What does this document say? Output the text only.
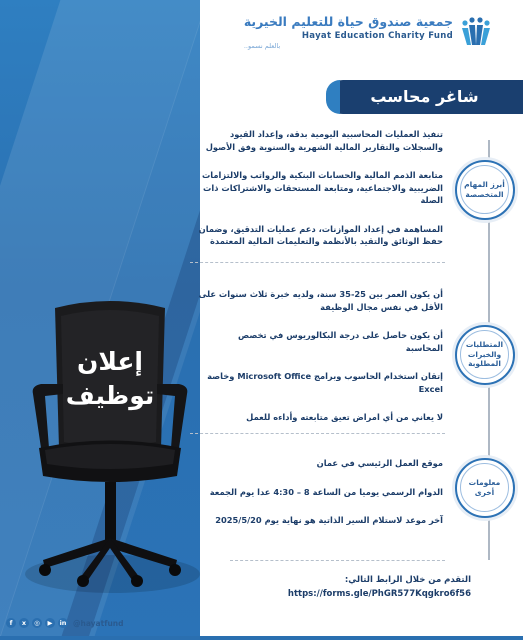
إعلان
توظيف
جمعية صندوق حياة للتعليم الخيرية
Hayat Education Charity Fund
بالعلم نسمو..
شاغر محاسب
أبرز المهام المتخصصة
تنفيذ العمليات المحاسبية اليومية بدقة، وإعداد القيود والسجلات والتقارير المالية الشهرية والسنوية وفق الأصول
متابعة الذمم المالية والحسابات البنكية والرواتب والالتزامات الضريبية والاجتماعية، ومتابعة المستحقات والاشتراكات ذات الصلة
المساهمة في إعداد الموازنات، دعم عمليات التدقيق، وضمان حفظ الوثائق والتقيد بالأنظمة والتعليمات المالية المعتمدة
المتطلبات والخبرات المطلوبة
أن يكون العمر بين 25-35 سنة، ولديه خبرة ثلاث سنوات على الأقل في نفس مجال الوظيفة
أن يكون حاصل على درجة البكالوريوس في تخصص المحاسبة
إتقان استخدام الحاسوب وبرامج Microsoft Office وخاصة Excel
لا يعاني من أي امراض تعيق متابعته وأداءه للعمل
معلومات أخرى
موقع العمل الرئيسي في عمان
الدوام الرسمي يوميا من الساعة 8 – 4:30 عدا يوم الجمعة
آخر موعد لاستلام السير الذاتية هو نهاية يوم 2025/5/20
التقدم من خلال الرابط التالي:
https://forms.gle/PhGR577Kqgkro6f56
f	x	◎	▶	in @hayatfund
